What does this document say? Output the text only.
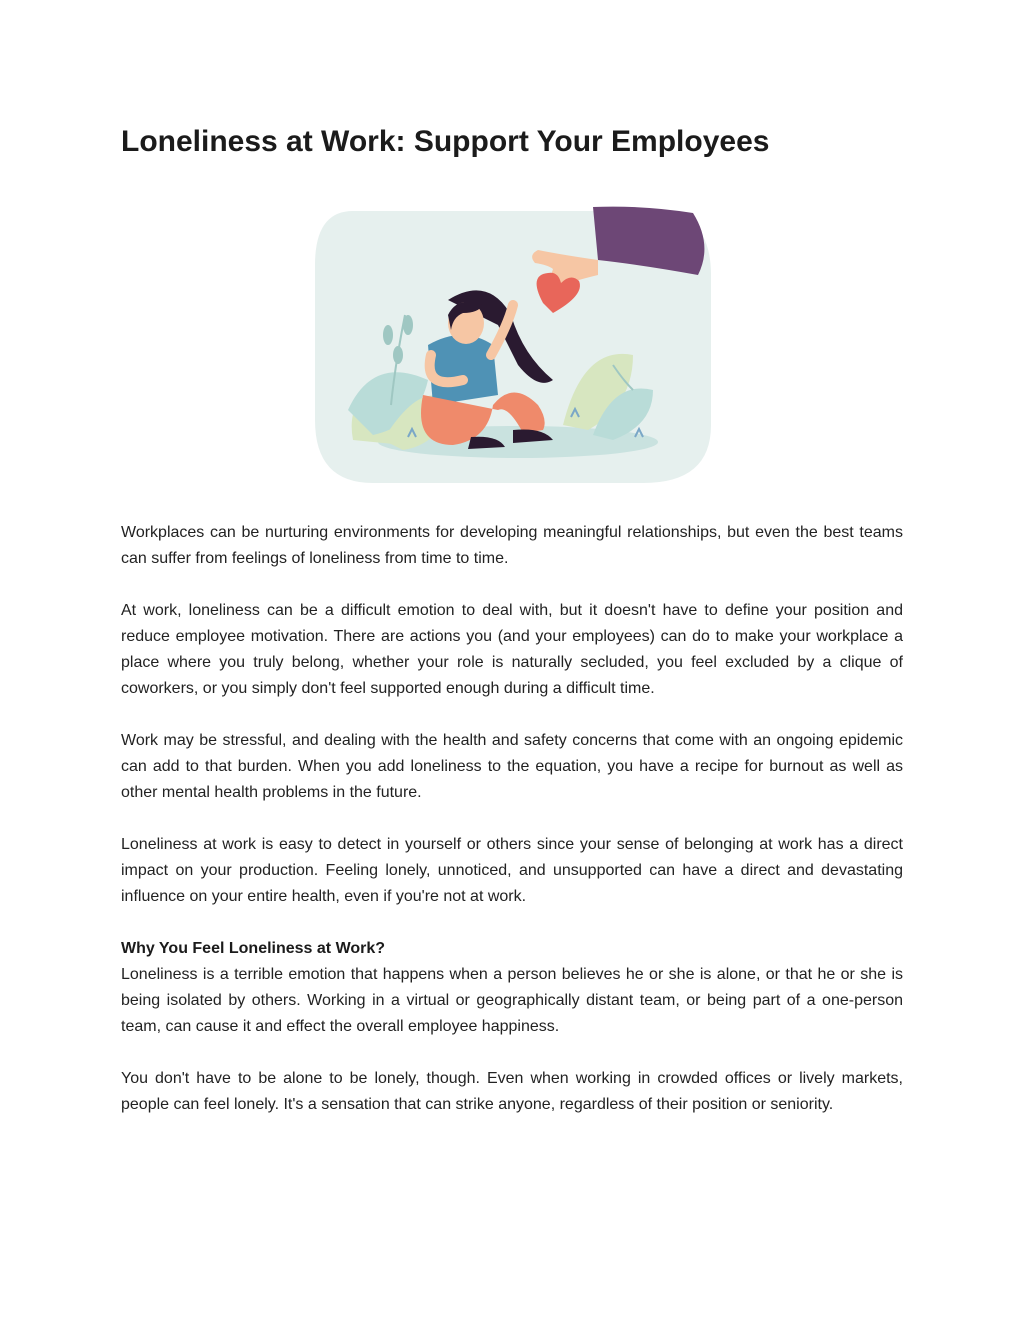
Loneliness at Work: Support Your Employees

Workplaces can be nurturing environments for developing meaningful relationships, but even the best teams can suffer from feelings of loneliness from time to time.

At work, loneliness can be a difficult emotion to deal with, but it doesn't have to define your position and reduce employee motivation. There are actions you (and your employees) can do to make your workplace a place where you truly belong, whether your role is naturally secluded, you feel excluded by a clique of coworkers, or you simply don't feel supported enough during a difficult time.

Work may be stressful, and dealing with the health and safety concerns that come with an ongoing epidemic can add to that burden. When you add loneliness to the equation, you have a recipe for burnout as well as other mental health problems in the future.

Loneliness at work is easy to detect in yourself or others since your sense of belonging at work has a direct impact on your production. Feeling lonely, unnoticed, and unsupported can have a direct and devastating influence on your entire health, even if you're not at work.

Why You Feel Loneliness at Work?

Loneliness is a terrible emotion that happens when a person believes he or she is alone, or that he or she is being isolated by others. Working in a virtual or geographically distant team, or being part of a one-person team, can cause it and effect the overall employee happiness.

You don't have to be alone to be lonely, though. Even when working in crowded offices or lively markets, people can feel lonely. It's a sensation that can strike anyone, regardless of their position or seniority.
